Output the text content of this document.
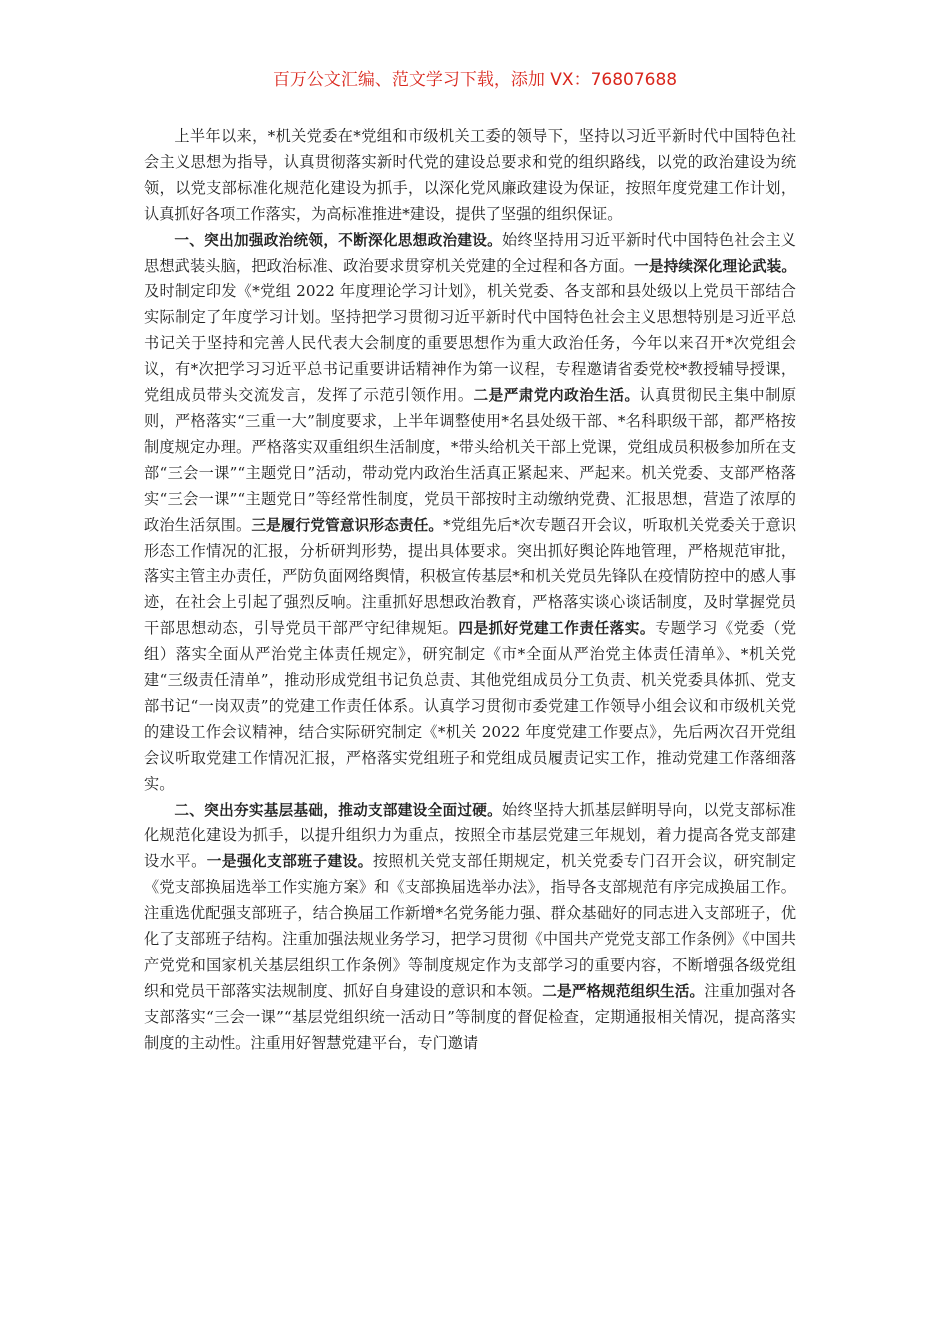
百万公文汇编、范文学习下载，添加 VX：76807688

上半年以来，*机关党委在*党组和市级机关工委的领导下，坚持以习近平新时代中国特色社会主义思想为指导，认真贯彻落实新时代党的建设总要求和党的组织路线，以党的政治建设为统领，以党支部标准化规范化建设为抓手，以深化党风廉政建设为保证，按照年度党建工作计划，认真抓好各项工作落实，为高标准推进*建设，提供了坚强的组织保证。

一、突出加强政治统领，不断深化思想政治建设。始终坚持用习近平新时代中国特色社会主义思想武装头脑，把政治标准、政治要求贯穿机关党建的全过程和各方面。一是持续深化理论武装。及时制定印发《*党组 2022 年度理论学习计划》，机关党委、各支部和县处级以上党员干部结合实际制定了年度学习计划。坚持把学习贯彻习近平新时代中国特色社会主义思想特别是习近平总书记关于坚持和完善人民代表大会制度的重要思想作为重大政治任务，今年以来召开*次党组会议，有*次把学习习近平总书记重要讲话精神作为第一议程，专程邀请省委党校*教授辅导授课，党组成员带头交流发言，发挥了示范引领作用。二是严肃党内政治生活。认真贯彻民主集中制原则，严格落实“三重一大”制度要求，上半年调整使用*名县处级干部、*名科职级干部，都严格按制度规定办理。严格落实双重组织生活制度，*带头给机关干部上党课，党组成员积极参加所在支部“三会一课”“主题党日”活动，带动党内政治生活真正紧起来、严起来。机关党委、支部严格落实“三会一课”“主题党日”等经常性制度，党员干部按时主动缴纳党费、汇报思想，营造了浓厚的政治生活氛围。三是履行党管意识形态责任。*党组先后*次专题召开会议，听取机关党委关于意识形态工作情况的汇报，分析研判形势，提出具体要求。突出抓好舆论阵地管理，严格规范审批，落实主管主办责任，严防负面网络舆情，积极宣传基层*和机关党员先锋队在疫情防控中的感人事迹，在社会上引起了强烈反响。注重抓好思想政治教育，严格落实谈心谈话制度，及时掌握党员干部思想动态，引导党员干部严守纪律规矩。四是抓好党建工作责任落实。专题学习《党委（党组）落实全面从严治党主体责任规定》，研究制定《市*全面从严治党主体责任清单》、*机关党建“三级责任清单”，推动形成党组书记负总责、其他党组成员分工负责、机关党委具体抓、党支部书记“一岗双责”的党建工作责任体系。认真学习贯彻市委党建工作领导小组会议和市级机关党的建设工作会议精神，结合实际研究制定《*机关 2022 年度党建工作要点》，先后两次召开党组会议听取党建工作情况汇报，严格落实党组班子和党组成员履责记实工作，推动党建工作落细落实。

二、突出夯实基层基础，推动支部建设全面过硬。始终坚持大抓基层鲜明导向，以党支部标准化规范化建设为抓手，以提升组织力为重点，按照全市基层党建三年规划，着力提高各党支部建设水平。一是强化支部班子建设。按照机关党支部任期规定，机关党委专门召开会议，研究制定《党支部换届选举工作实施方案》和《支部换届选举办法》，指导各支部规范有序完成换届工作。注重选优配强支部班子，结合换届工作新增*名党务能力强、群众基础好的同志进入支部班子，优化了支部班子结构。注重加强法规业务学习，把学习贯彻《中国共产党党支部工作条例》《中国共产党党和国家机关基层组织工作条例》等制度规定作为支部学习的重要内容，不断增强各级党组织和党员干部落实法规制度、抓好自身建设的意识和本领。二是严格规范组织生活。注重加强对各支部落实“三会一课”“基层党组织统一活动日”等制度的督促检查，定期通报相关情况，提高落实制度的主动性。注重用好智慧党建平台，专门邀请
